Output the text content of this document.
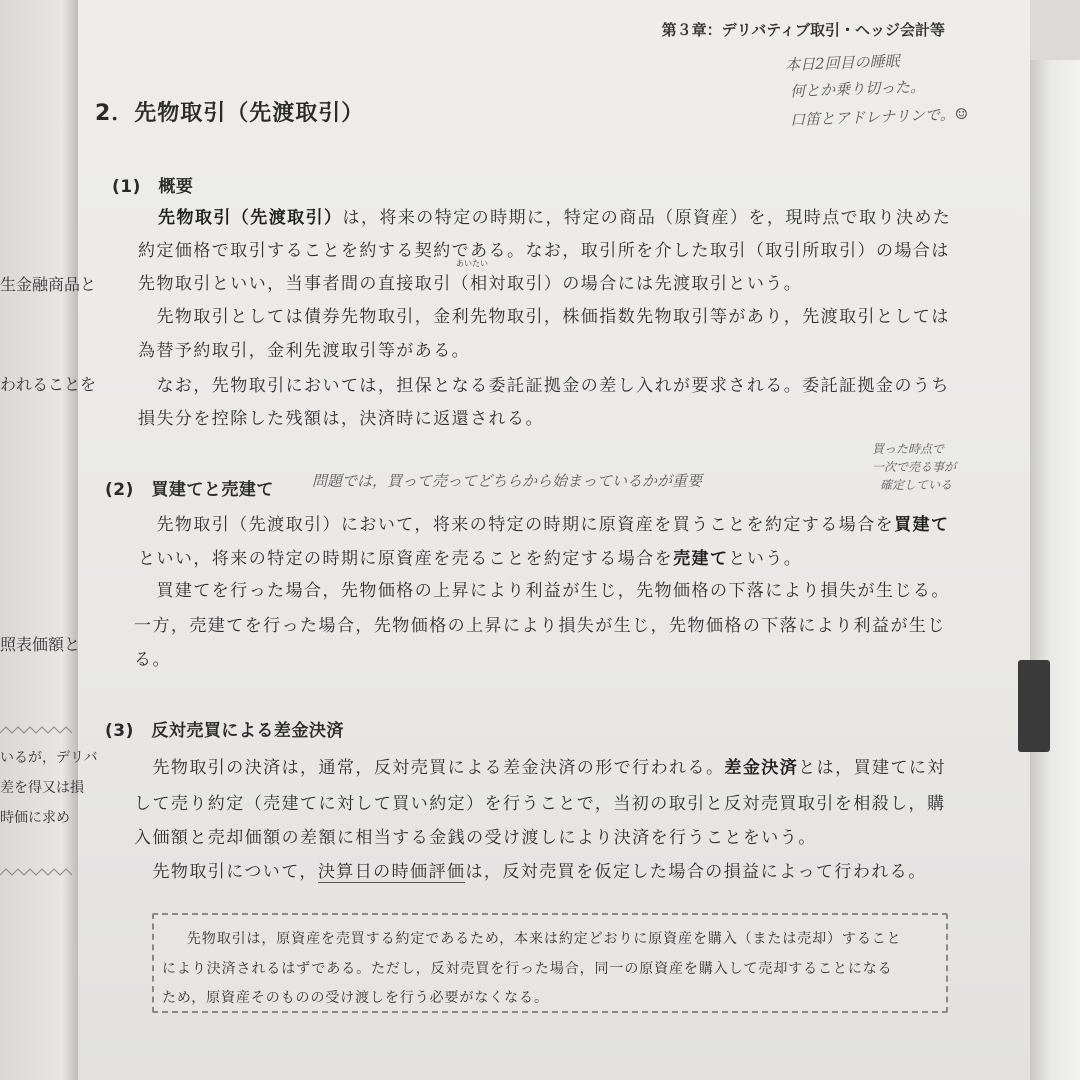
生金融商品と
われることを
照表価額と
いるが，デリバ
差を得又は損
時価に求め
第３章：デリバティブ取引・ヘッジ会計等
2．先物取引（先渡取引）
(1)　概要
(2)　買建てと売建て
(3)　反対売買による差金決済
あいたい
先物取引（先渡取引）は，将来の特定の時期に，特定の商品（原資産）を，現時点で取り決めた
約定価格で取引することを約する契約である。なお，取引所を介した取引（取引所取引）の場合は
先物取引といい，当事者間の直接取引（相対取引）の場合には先渡取引という。
　先物取引としては債券先物取引，金利先物取引，株価指数先物取引等があり，先渡取引としては
為替予約取引，金利先渡取引等がある。
　なお，先物取引においては，担保となる委託証拠金の差し入れが要求される。委託証拠金のうち
損失分を控除した残額は，決済時に返還される。
　先物取引（先渡取引）において，将来の特定の時期に原資産を買うことを約定する場合を買建て
といい，将来の特定の時期に原資産を売ることを約定する場合を売建てという。
　買建てを行った場合，先物価格の上昇により利益が生じ，先物価格の下落により損失が生じる。
一方，売建てを行った場合，先物価格の上昇により損失が生じ，先物価格の下落により利益が生じ
る。
　先物取引の決済は，通常，反対売買による差金決済の形で行われる。差金決済とは，買建てに対
して売り約定（売建てに対して買い約定）を行うことで，当初の取引と反対売買取引を相殺し，購
入価額と売却価額の差額に相当する金銭の受け渡しにより決済を行うことをいう。
　先物取引について，決算日の時価評価は，反対売買を仮定した場合の損益によって行われる。
　先物取引は，原資産を売買する約定であるため，本来は約定どおりに原資産を購入（または売却）すること
により決済されるはずである。ただし，反対売買を行った場合，同一の原資産を購入して売却することになる
ため，原資産そのものの受け渡しを行う必要がなくなる。
本日2回目の睡眠
何とか乗り切った。
口笛とアドレナリンで。☺
問題では，買って売ってどちらから始まっているかが重要
買った時点で
一次で売る事が
確定している
